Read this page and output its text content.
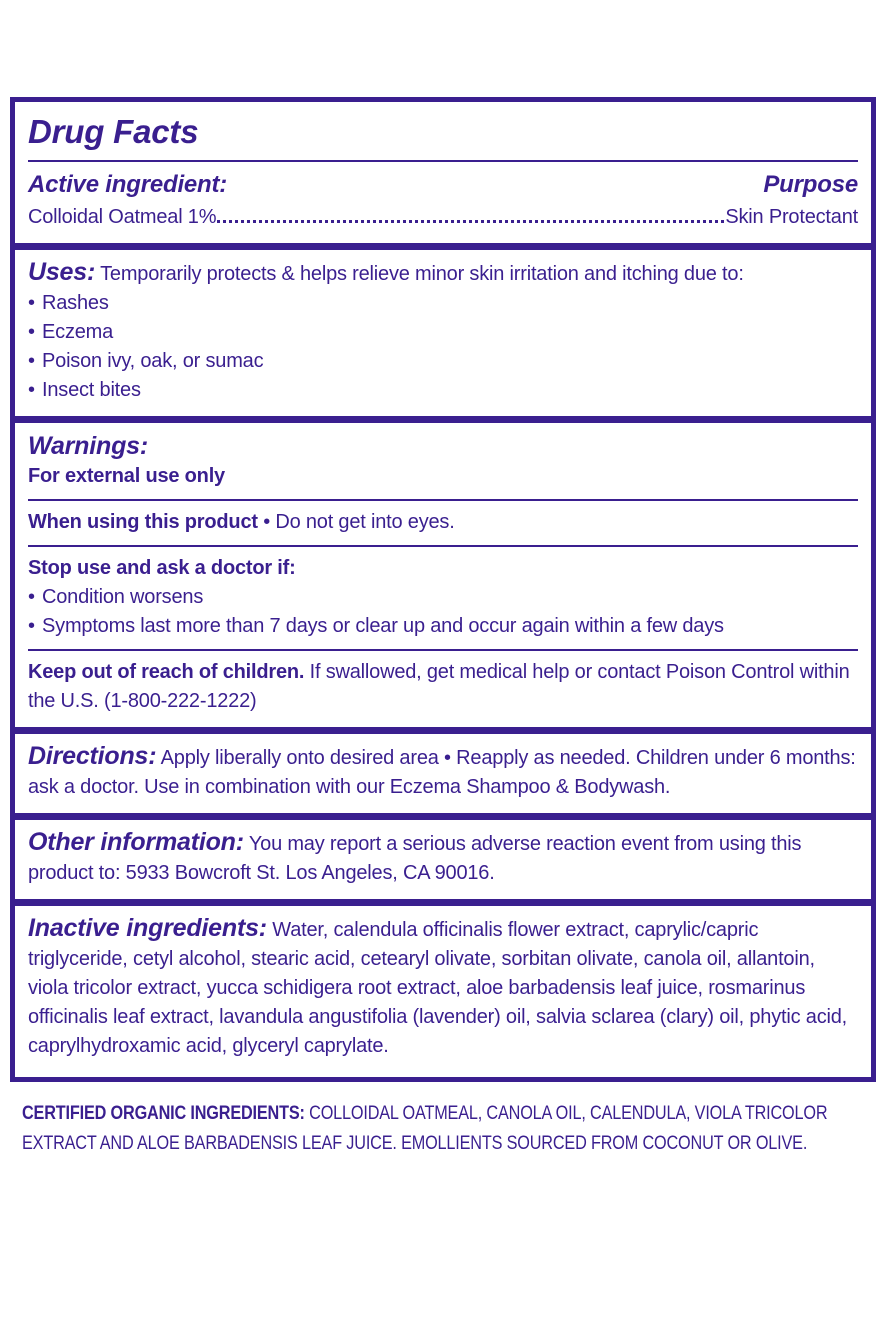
Drug Facts
Active ingredient:	Purpose
Colloidal Oatmeal 1%	Skin Protectant

Uses: Temporarily protects & helps relieve minor skin irritation and itching due to:

• Rashes
• Eczema
• Poison ivy, oak, or sumac
• Insect bites
Warnings:

For external use only

When using this product • Do not get into eyes.

Stop use and ask a doctor if:

• Condition worsens
• Symptoms last more than 7 days or clear up and occur again within a few days

Keep out of reach of children. If swallowed, get medical help or contact Poison Control within the U.S. (1-800-222-1222)

Directions: Apply liberally onto desired area • Reapply as needed. Children under 6 months: ask a doctor. Use in combination with our Eczema Shampoo & Bodywash.

Other information: You may report a serious adverse reaction event from using this product to: 5933 Bowcroft St. Los Angeles, CA 90016.

Inactive ingredients: Water, calendula officinalis flower extract, caprylic/capric triglyceride, cetyl alcohol, stearic acid, cetearyl olivate, sorbitan olivate, canola oil, allantoin, viola tricolor extract, yucca schidigera root extract, aloe barbadensis leaf juice, rosmarinus officinalis leaf extract, lavandula angustifolia (lavender) oil, salvia sclarea (clary) oil, phytic acid, caprylhydroxamic acid, glyceryl caprylate.

CERTIFIED ORGANIC INGREDIENTS: COLLOIDAL OATMEAL, CANOLA OIL, CALENDULA, VIOLA TRICOLOR EXTRACT AND ALOE BARBADENSIS LEAF JUICE. EMOLLIENTS SOURCED FROM COCONUT OR OLIVE.
